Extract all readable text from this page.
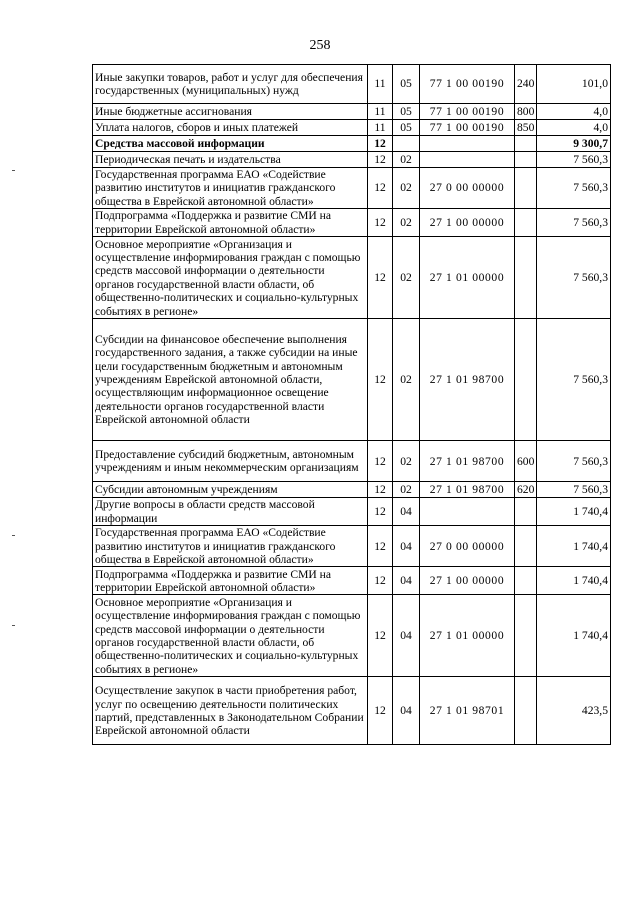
258
Иные закупки товаров, работ и услуг для обеспечения государственных (муниципальных) нужд	11	05	77 1 00 00190	240	101,0
Иные бюджетные ассигнования	11	05	77 1 00 00190	800	4,0
Уплата налогов, сборов и иных платежей	11	05	77 1 00 00190	850	4,0
Средства массовой информации	12				9 300,7
Периодическая печать и издательства	12	02			7 560,3
Государственная программа ЕАО «Содействие развитию институтов и инициатив гражданского общества в Еврейской автономной области»	12	02	27 0 00 00000		7 560,3
Подпрограмма «Поддержка и развитие СМИ на территории Еврейской автономной области»	12	02	27 1 00 00000		7 560,3
Основное мероприятие «Организация и осуществление информирования граждан с помощью средств массовой информации о деятельности органов государственной власти области, об общественно-политических и социально-культурных событиях в регионе»	12	02	27 1 01 00000		7 560,3
Субсидии на финансовое обеспечение выполнения государственного задания, а также субсидии на иные цели государственным бюджетным и автономным учреждениям Еврейской автономной области, осуществляющим информационное освещение деятельности органов государственной власти Еврейской автономной области	12	02	27 1 01 98700		7 560,3
Предоставление субсидий бюджетным, автономным учреждениям и иным некоммерческим организациям	12	02	27 1 01 98700	600	7 560,3
Субсидии автономным учреждениям	12	02	27 1 01 98700	620	7 560,3
Другие вопросы в области средств массовой информации	12	04			1 740,4
Государственная программа ЕАО «Содействие развитию институтов и инициатив гражданского общества в Еврейской автономной области»	12	04	27 0 00 00000		1 740,4
Подпрограмма «Поддержка и развитие СМИ на территории Еврейской автономной области»	12	04	27 1 00 00000		1 740,4
Основное мероприятие «Организация и осуществление информирования граждан с помощью средств массовой информации о деятельности органов государственной власти области, об общественно-политических и социально-культурных событиях в регионе»	12	04	27 1 01 00000		1 740,4
Осуществление закупок в части приобретения работ, услуг по освещению деятельности политических партий, представленных в Законодательном Собрании Еврейской автономной области	12	04	27 1 01 98701		423,5
